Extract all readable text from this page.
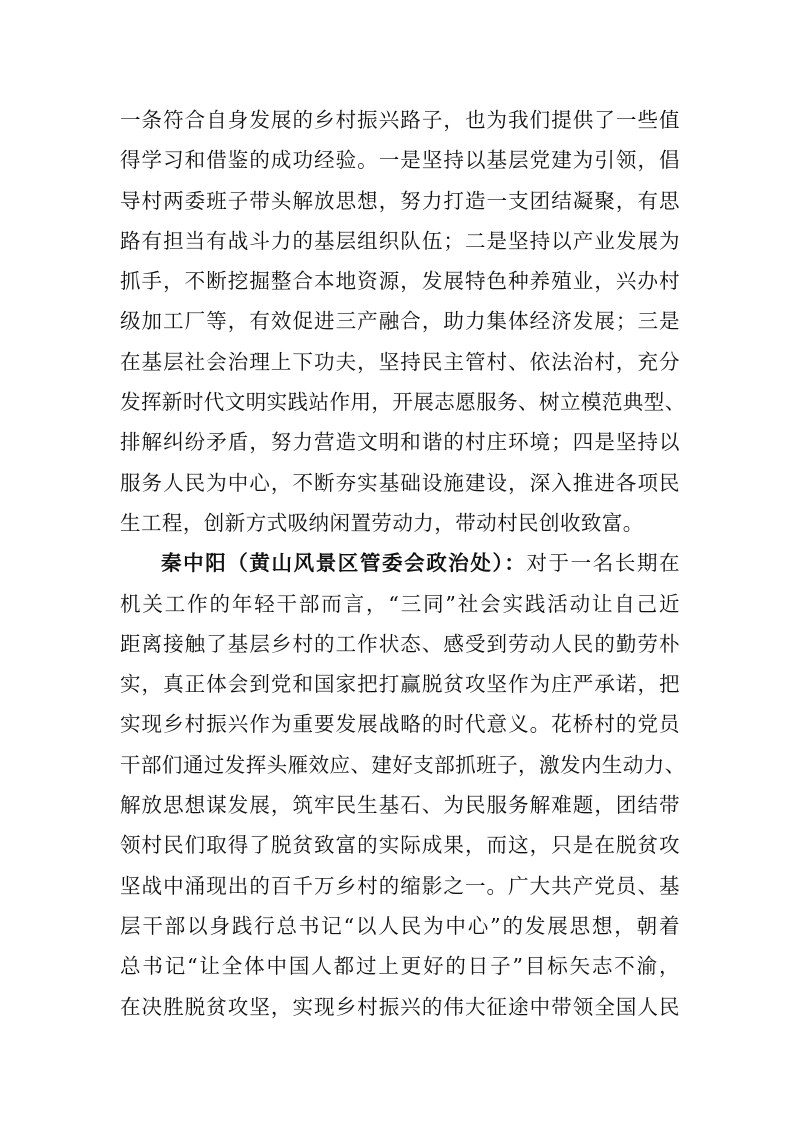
一条符合自身发展的乡村振兴路子，也为我们提供了一些值
得学习和借鉴的成功经验。一是坚持以基层党建为引领，倡
导村两委班子带头解放思想，努力打造一支团结凝聚，有思
路有担当有战斗力的基层组织队伍；二是坚持以产业发展为
抓手，不断挖掘整合本地资源，发展特色种养殖业，兴办村
级加工厂等，有效促进三产融合，助力集体经济发展；三是
在基层社会治理上下功夫，坚持民主管村、依法治村，充分
发挥新时代文明实践站作用，开展志愿服务、树立模范典型、
排解纠纷矛盾，努力营造文明和谐的村庄环境；四是坚持以
服务人民为中心，不断夯实基础设施建设，深入推进各项民
生工程，创新方式吸纳闲置劳动力，带动村民创收致富。
秦中阳（黄山风景区管委会政治处）：对于一名长期在
机关工作的年轻干部而言，“三同”社会实践活动让自己近
距离接触了基层乡村的工作状态、感受到劳动人民的勤劳朴
实，真正体会到党和国家把打赢脱贫攻坚作为庄严承诺，把
实现乡村振兴作为重要发展战略的时代意义。花桥村的党员
干部们通过发挥头雁效应、建好支部抓班子，激发内生动力、
解放思想谋发展，筑牢民生基石、为民服务解难题，团结带
领村民们取得了脱贫致富的实际成果，而这，只是在脱贫攻
坚战中涌现出的百千万乡村的缩影之一。广大共产党员、基
层干部以身践行总书记“以人民为中心”的发展思想，朝着
总书记“让全体中国人都过上更好的日子”目标矢志不渝，
在决胜脱贫攻坚，实现乡村振兴的伟大征途中带领全国人民
